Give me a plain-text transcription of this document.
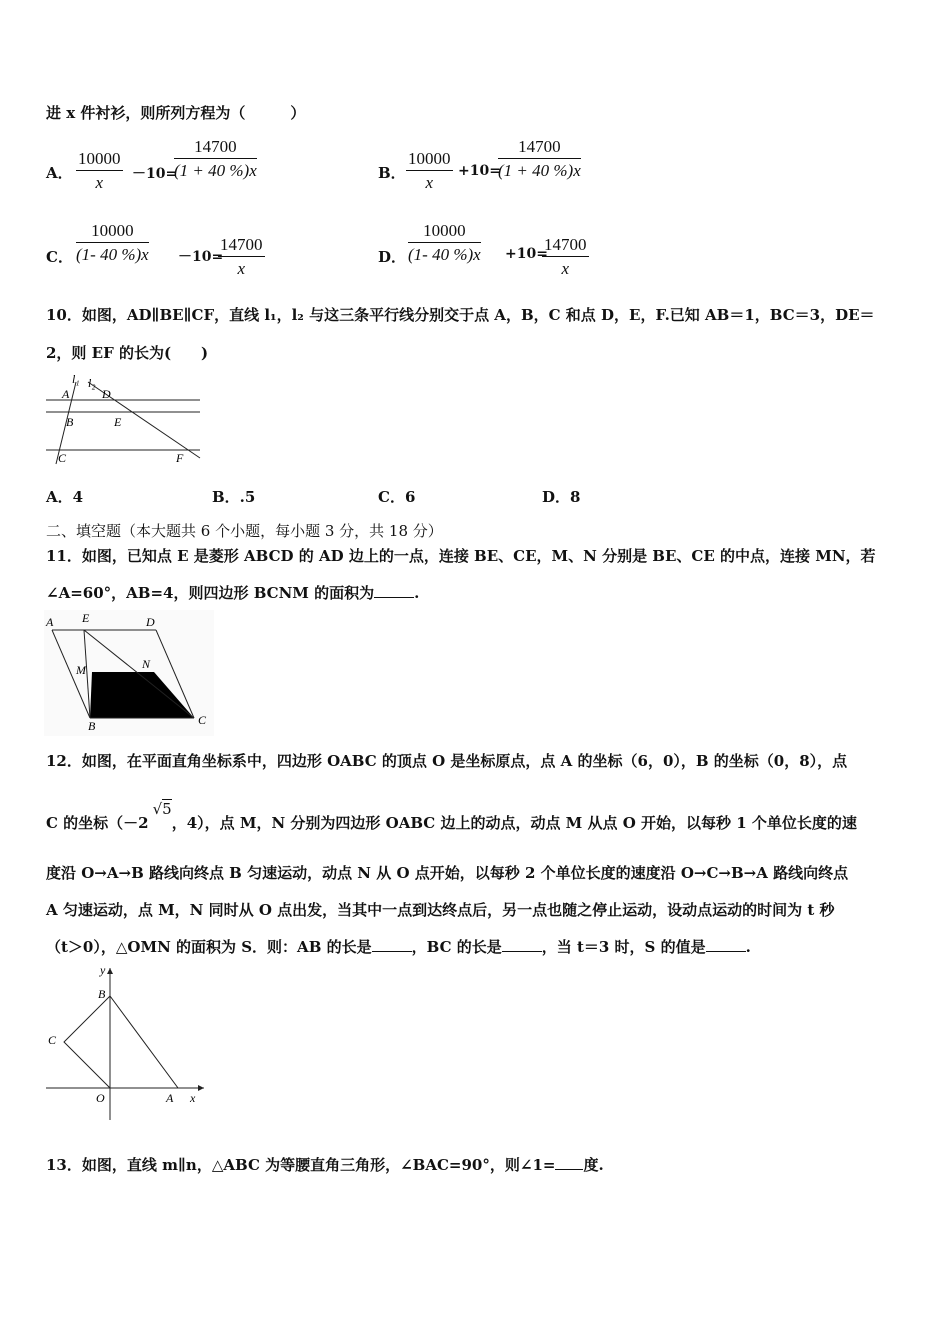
进 x 件衬衫，则所列方程为（　　　）
A．
10000
x －10=
14700
(1 + 40 %)x	B．
10000
x
+10=
14700
(1 + 40 %)x
C．
10000
(1- 40 %)x －10=
14700
x
D．
10000
(1- 40 %)x +10=
14700
x
10．如图，AD∥BE∥CF，直线 l₁，l₂ 与这三条平行线分别交于点 A，B，C 和点 D，E，F.已知 AB＝1，BC＝3，DE＝
2，则 EF 的长为(　　)
l₁ l₂
A	D
B	E
C	F
A．4	B．.5	C．6	D．8
二、填空题（本大题共 6 个小题，每小题 3 分，共 18 分）
11．如图，已知点 E 是菱形 ABCD 的 AD 边上的一点，连接 BE、CE，M、N 分别是 BE、CE 的中点，连接 MN，若
∠A=60°，AB=4，则四边形 BCNM 的面积为	.
A E	D
M	N
B	C
12．如图，在平面直角坐标系中，四边形 OABC 的顶点 O 是坐标原点，点 A 的坐标（6，0），B 的坐标（0，8），点
C 的坐标（－2√5，4），点 M，N 分别为四边形 OABC 边上的动点，动点 M 从点 O 开始，以每秒 1 个单位长度的速
度沿 O→A→B 路线向终点 B 匀速运动，动点 N 从 O 点开始，以每秒 2 个单位长度的速度沿 O→C→B→A 路线向终点
A 匀速运动，点 M，N 同时从 O 点出发，当其中一点到达终点后，另一点也随之停止运动，设动点运动的时间为 t 秒
（t＞0），△OMN 的面积为 S．则：AB 的长是	，BC 的长是	，当 t＝3 时，S 的值是	.
y
B
C
O	A x
13．如图，直线 m∥n，△ABC 为等腰直角三角形，∠BAC=90°，则∠1= 度.
